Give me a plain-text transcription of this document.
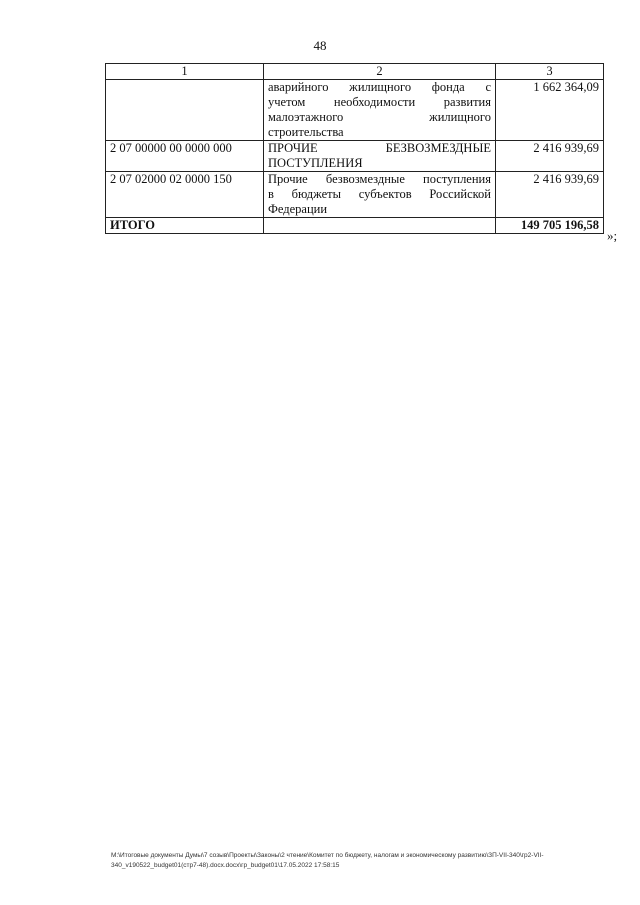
48
1	2	3

	аварийного жилищного фонда с
учетом необходимости развития
малоэтажного жилищного
строительства	1 662 364,09
2 07 00000 00 0000 000	ПРОЧИЕ БЕЗВОЗМЕЗДНЫЕ
ПОСТУПЛЕНИЯ	2 416 939,69
2 07 02000 02 0000 150	Прочие безвозмездные поступления
в бюджеты субъектов Российской
Федерации	2 416 939,69
ИТОГО		149 705 196,58
»;
М:\Итоговые документы Думы\7 созыв\Проекты\Законы\2 чтение\Комитет по бюджету, налогам и экономическому развитию\ЗП-VII-340\гр2-VII-
340_v190522_budget01(стр7-48).docx.docx\гр_budget01\17.05.2022 17:58:15
